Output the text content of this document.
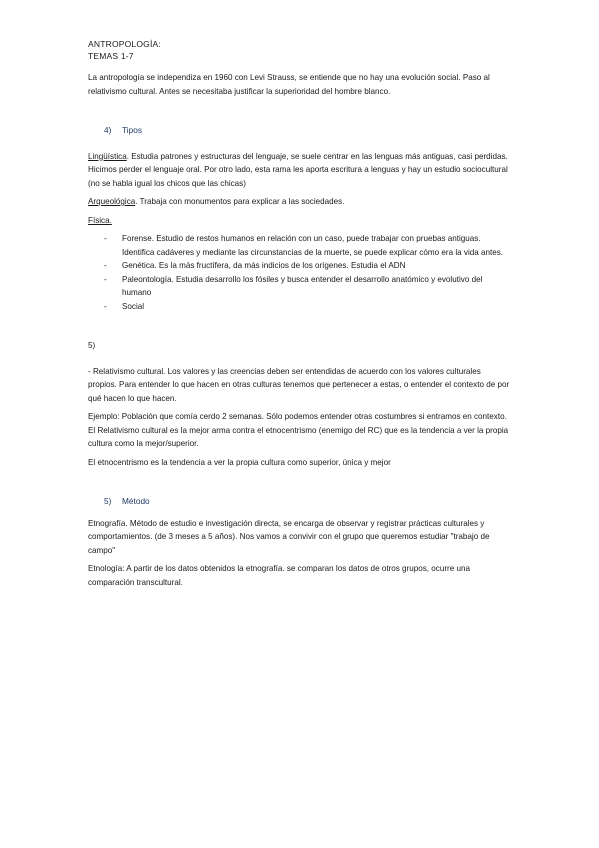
ANTROPOLOGÍA:

TEMAS 1-7

La antropología se independiza en 1960 con Levi Strauss, se entiende que no hay una evolución social. Paso al relativismo cultural. Antes se necesitaba justificar la superioridad del hombre blanco.

4) Tipos

Lingüística. Estudia patrones y estructuras del lenguaje, se suele centrar en las lenguas más antiguas, casi perdidas. Hicimos perder el lenguaje oral. Por otro lado, esta rama les aporta escritura a lenguas y hay un estudio sociocultural (no se habla igual los chicos que las chicas)

Arqueológica. Trabaja con monumentos para explicar a las sociedades.

Física.

- Forense. Estudio de restos humanos en relación con un caso, puede trabajar con pruebas antiguas. Identifica cadáveres y mediante las circunstancias de la muerte, se puede explicar cómo era la vida antes.
- Genética. Es la más fructífera, da más indicios de los orígenes. Estudia el ADN
- Paleontología. Estudia desarrollo los fósiles y busca entender el desarrollo anatómico y evolutivo del humano
- Social

5)

- Relativismo cultural. Los valores y las creencias deben ser entendidas de acuerdo con los valores culturales propios. Para entender lo que hacen en otras culturas tenemos que pertenecer a estas, o entender el contexto de por qué hacen lo que hacen.

Ejemplo: Población que comía cerdo 2 semanas. Sólo podemos entender otras costumbres si entramos en contexto. El Relativismo cultural es la mejor arma contra el etnocentrismo (enemigo del RC) que es la tendencia a ver la propia cultura como la mejor/superior.

El etnocentrismo es la tendencia a ver la propia cultura como superior, única y mejor

5) Método

Etnografía. Método de estudio e investigación directa, se encarga de observar y registrar prácticas culturales y comportamientos. (de 3 meses a 5 años). Nos vamos a convivir con el grupo que queremos estudiar "trabajo de campo"

Etnología: A partir de los datos obtenidos la etnografía. se comparan los datos de otros grupos, ocurre una comparación transcultural.
